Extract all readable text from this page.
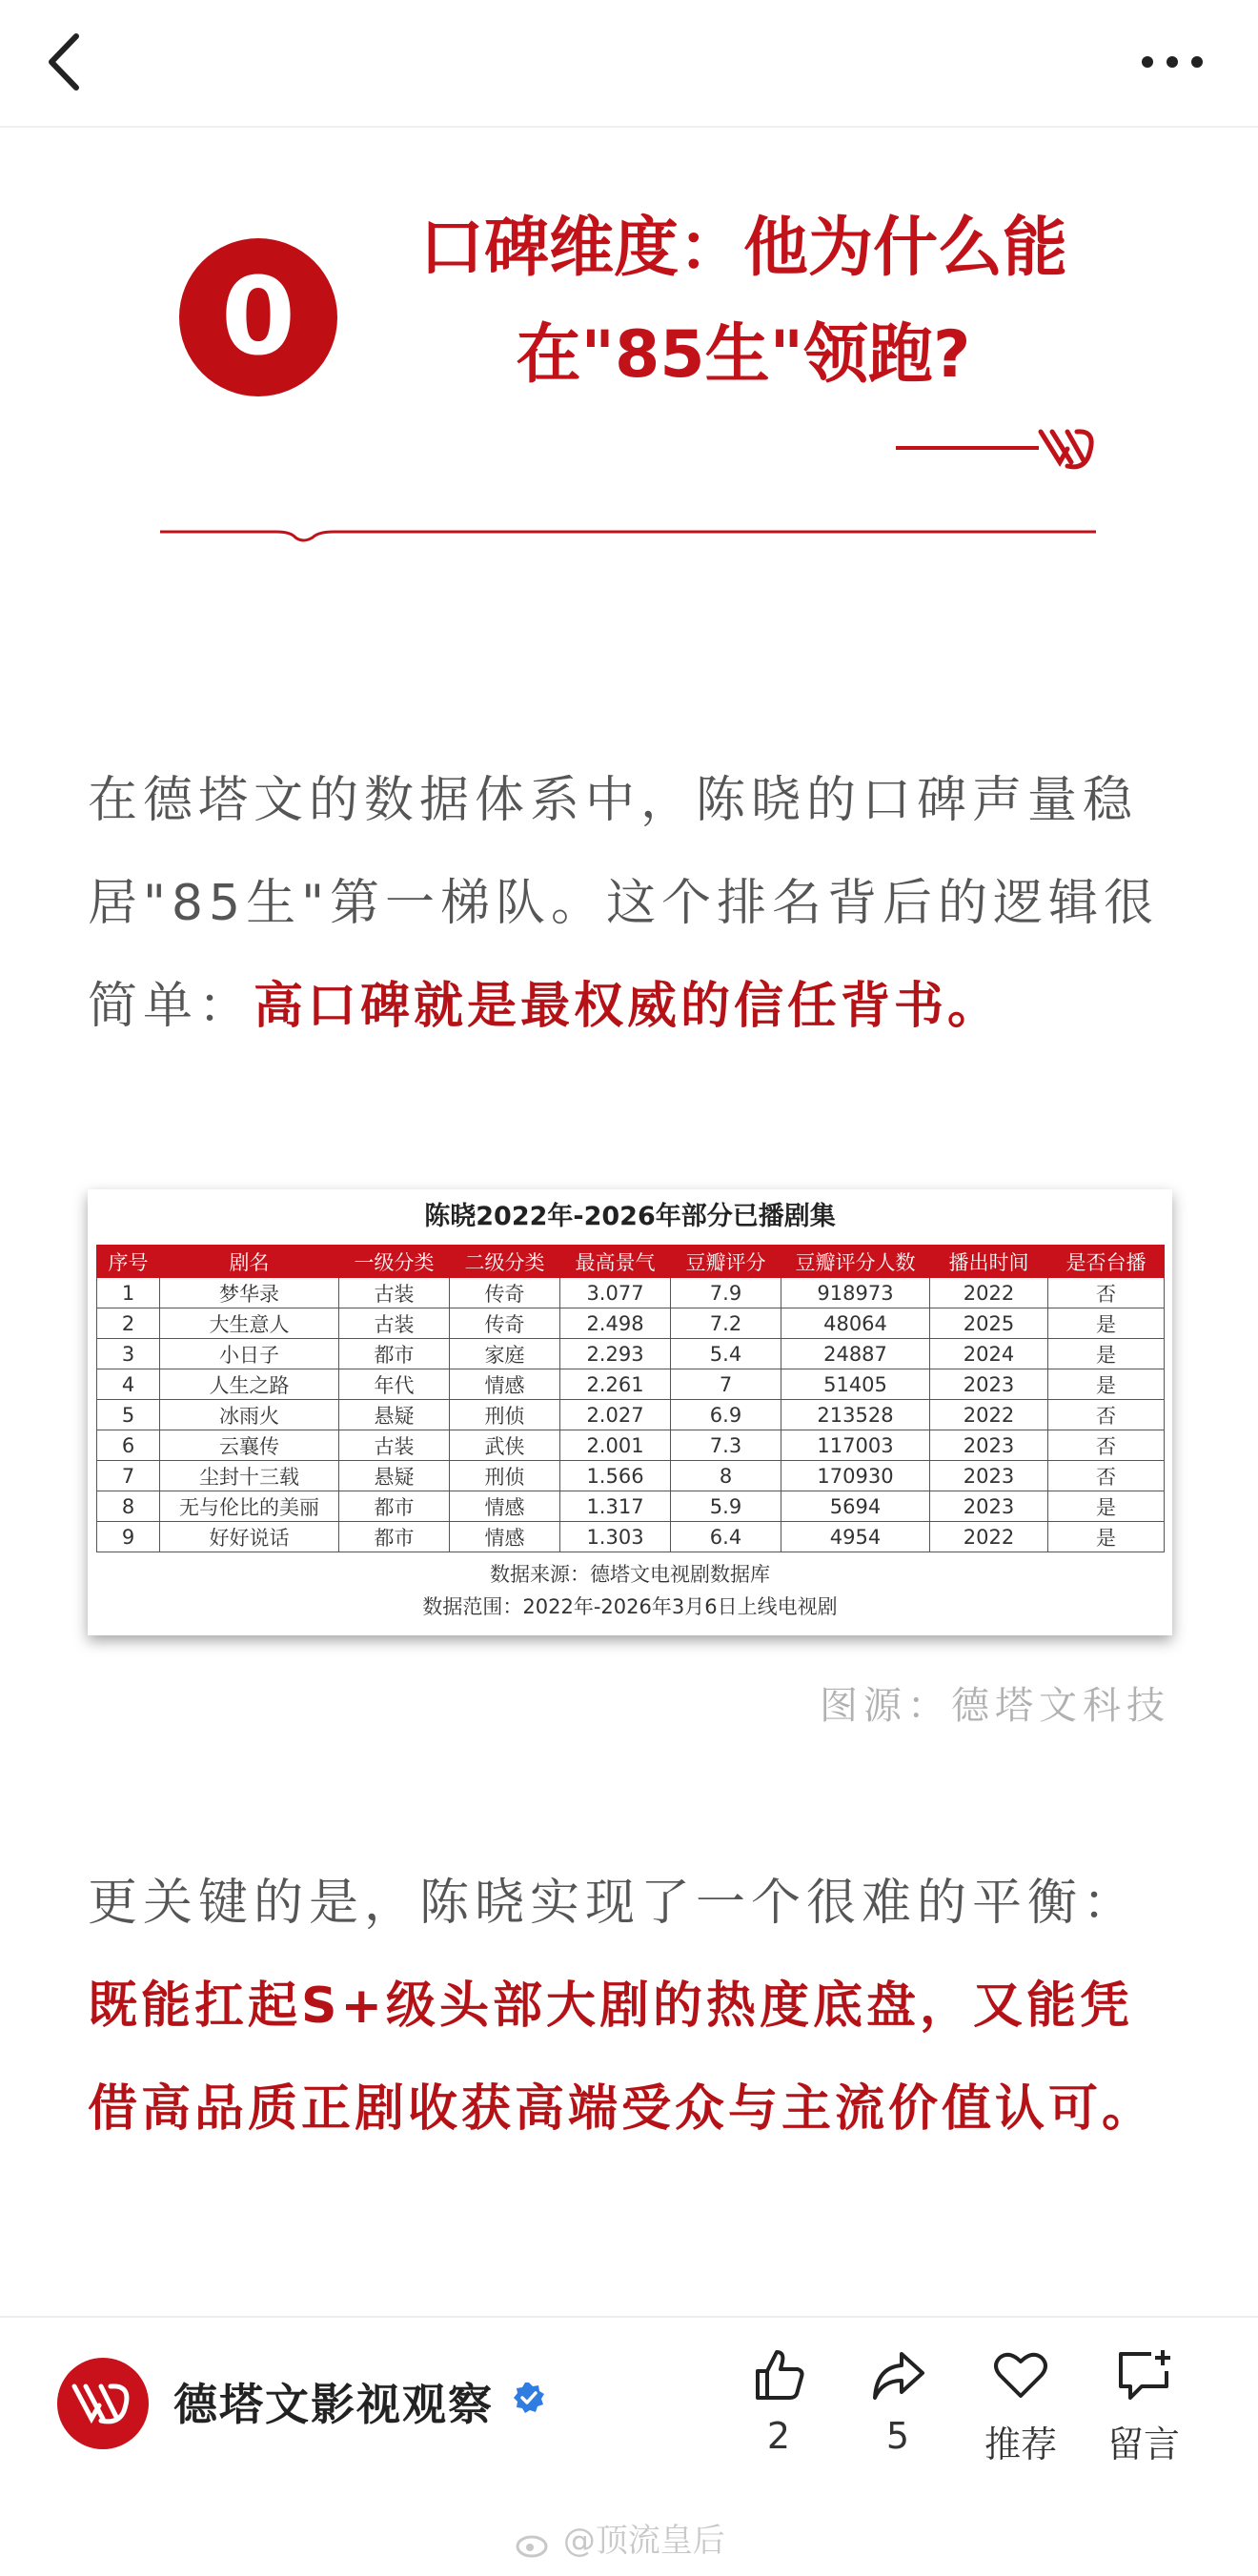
0
口碑维度：他为什么能
在"85生"领跑?
在德塔文的数据体系中，陈晓的口碑声量稳居"85生"第一梯队。这个排名背后的逻辑很简单：高口碑就是最权威的信任背书。
陈晓2022年-2026年部分已播剧集
序号	剧名	一级分类	二级分类	最高景气	豆瓣评分	豆瓣评分人数	播出时间	是否台播
1	梦华录	古装	传奇	3.077	7.9	918973	2022	否
2	大生意人	古装	传奇	2.498	7.2	48064	2025	是
3	小日子	都市	家庭	2.293	5.4	24887	2024	是
4	人生之路	年代	情感	2.261	7	51405	2023	是
5	冰雨火	悬疑	刑侦	2.027	6.9	213528	2022	否
6	云襄传	古装	武侠	2.001	7.3	117003	2023	否
7	尘封十三载	悬疑	刑侦	1.566	8	170930	2023	否
8	无与伦比的美丽	都市	情感	1.317	5.9	5694	2023	是
9	好好说话	都市	情感	1.303	6.4	4954	2022	是
数据来源：德塔文电视剧数据库
数据范围：2022年-2026年3月6日上线电视剧
图源：德塔文科技
更关键的是，陈晓实现了一个很难的平衡：既能扛起S+级头部大剧的热度底盘，又能凭借高品质正剧收获高端受众与主流价值认可。
德塔文影视观察
2	5	推荐	留言
@顶流皇后
